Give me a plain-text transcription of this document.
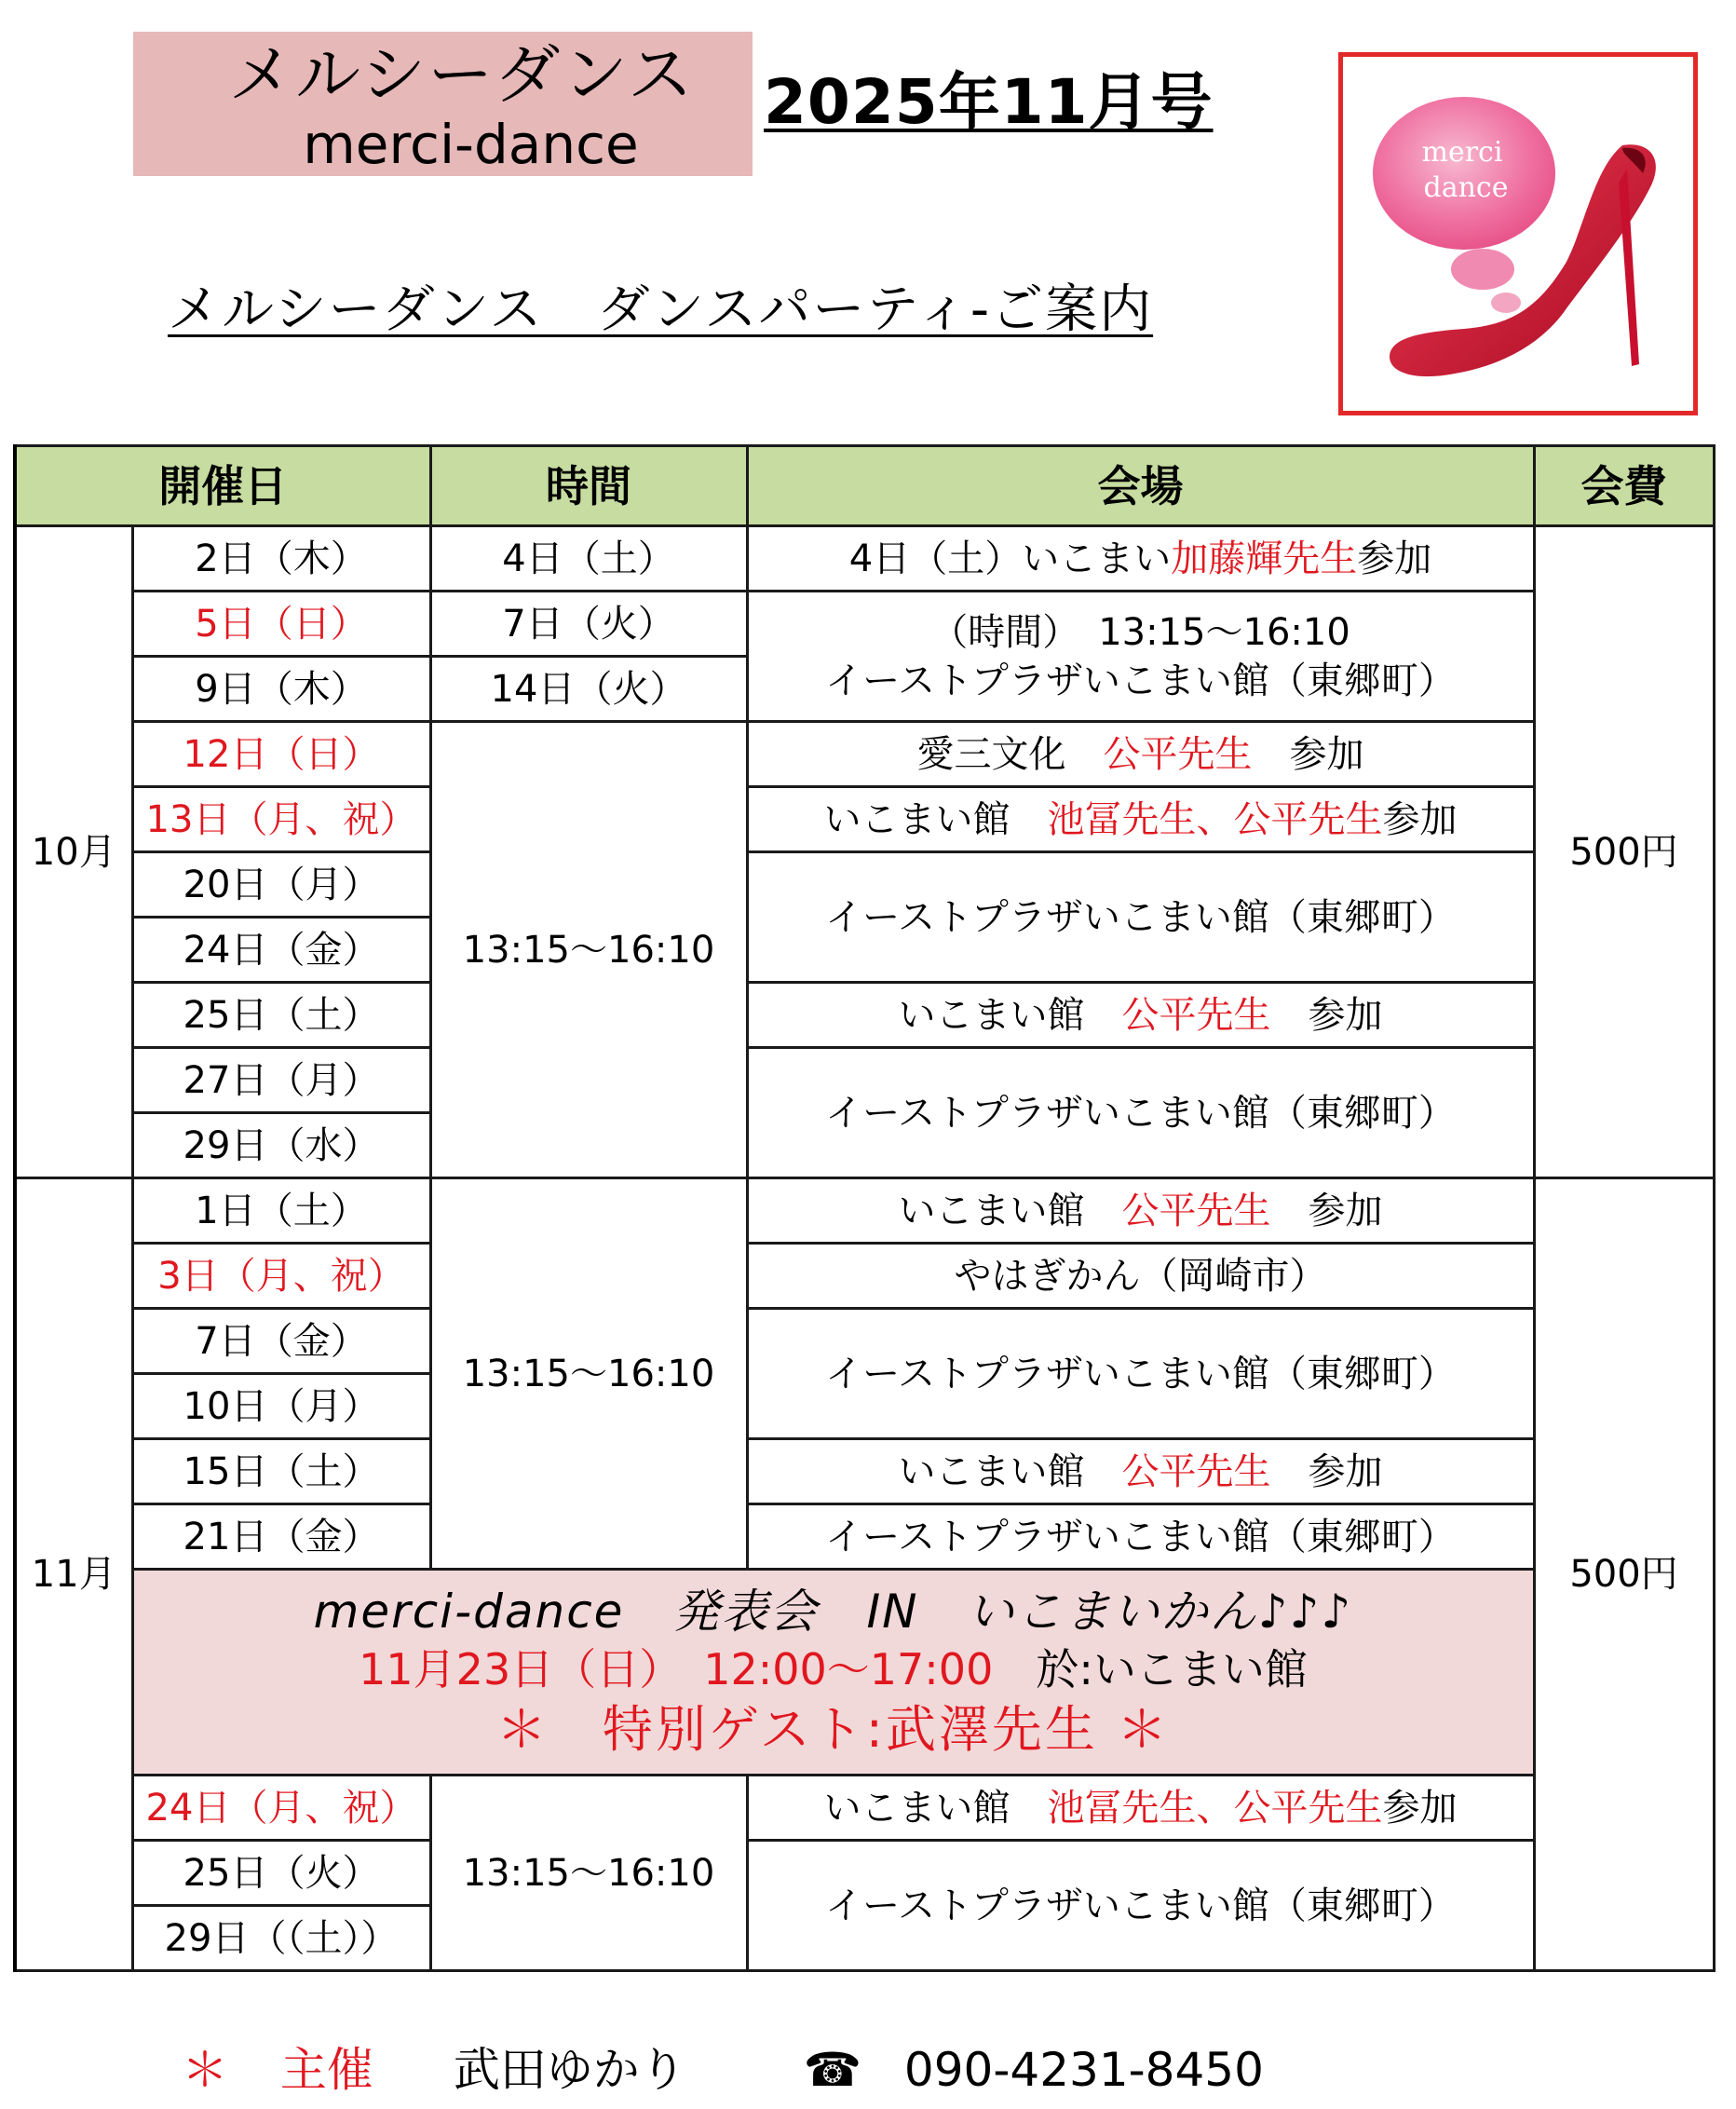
メルシーダンス
merci-dance
2025年11月号
メルシーダンス　ダンスパーティ-ご案内
merci
dance
開催日		時間	会場	会費
10月	2日（木）	4日（土）	4日（土）いこまい加藤輝先生参加	500円
	5日（日）	7日（火）	（時間）　13:15～16:10
イーストプラザいこまい館（東郷町）	

	9日（木）	14日（火）		
	12日（日）	13:15～16:10	愛三文化　公平先生　参加	
	13日（月、祝）		いこまい館　池冨先生、公平先生参加	
	20日（月）		イーストプラザいこまい館（東郷町）	
	24日（金）			
	25日（土）		いこまい館　公平先生　参加	
	27日（月）		イーストプラザいこまい館（東郷町）	
	29日（水）			
11月	1日（土）	13:15～16:10	いこまい館　公平先生　参加	500円
	3日（月、祝）		やはぎかん（岡崎市）	
	7日（金）		イーストプラザいこまい館（東郷町）	
	10日（月）			
	15日（土）		いこまい館　公平先生　参加	
	21日（金）		イーストプラザいこまい館（東郷町）	

	merci-dance　発表会　IN　いこまいかん♪♪♪
11月23日（日）　12:00～17:00　於:いこまい館
＊　特別ゲスト:武澤先生 ＊			

	24日（月、祝）	13:15～16:10	いこまい館　池冨先生、公平先生参加	
	25日（火）		イーストプラザいこまい館（東郷町）	
	29日（（土））			
＊ 主催 武田ゆかり	☎ 090-4231-8450
